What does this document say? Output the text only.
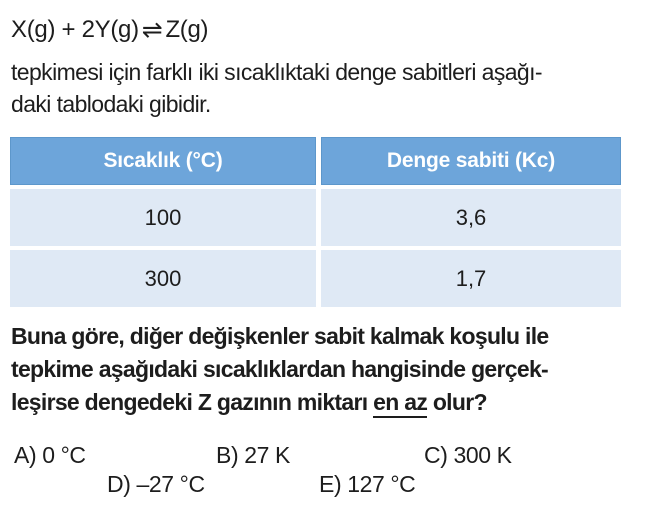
X(g) + 2Y(g) ⇌ Z(g)
tepkimesi için farklı iki sıcaklıktaki denge sabitleri aşağı-
daki tablodaki gibidir.
Sıcaklık (°C)	Denge sabiti (Kc)
100	3,6
300	1,7
Buna göre, diğer değişkenler sabit kalmak koşulu ile
tepkime aşağıdaki sıcaklıklardan hangisinde gerçek-
leşirse dengedeki Z gazının miktarı en az olur?
A) 0 °C	B) 27 K	C) 300 K
D) –27 °C	E) 127 °C
